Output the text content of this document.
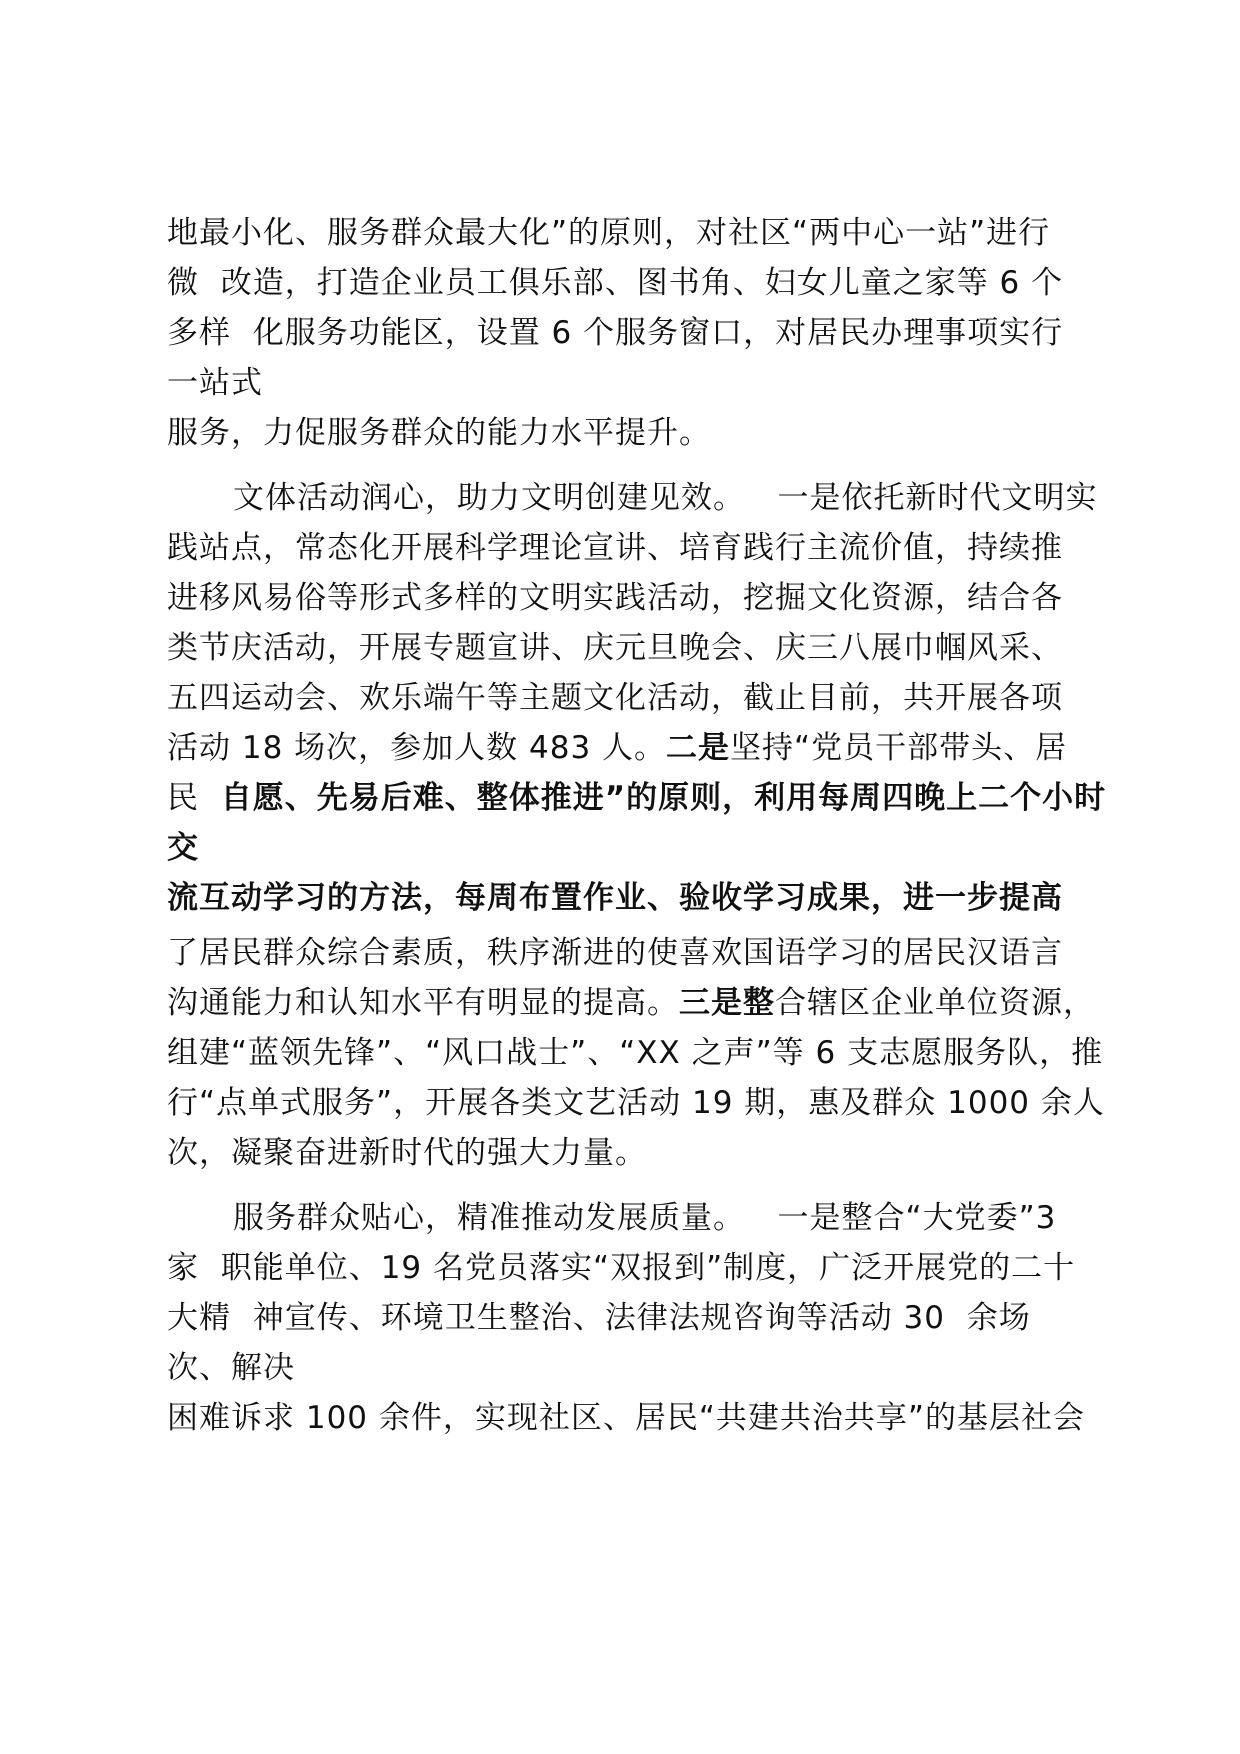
地最小化、服务群众最大化”的原则，对社区“两中心一站”进行
微  改造，打造企业员工俱乐部、图书角、妇女儿童之家等 6 个
多样  化服务功能区，设置 6 个服务窗口，对居民办理事项实行
一站式
服务，力促服务群众的能力水平提升。
文体活动润心，助力文明创建见效。   一是依托新时代文明实
践站点，常态化开展科学理论宣讲、培育践行主流价值，持续推
进移风易俗等形式多样的文明实践活动，挖掘文化资源，结合各
类节庆活动，开展专题宣讲、庆元旦晚会、庆三八展巾帼风采、
五四运动会、欢乐端午等主题文化活动，截止目前，共开展各项
活动 18 场次，参加人数 483 人。二是坚持“党员干部带头、居
民  自愿、先易后难、整体推进”的原则，利用每周四晚上二个小时
交
流互动学习的方法，每周布置作业、验收学习成果，进一步提高
了居民群众综合素质，秩序渐进的使喜欢国语学习的居民汉语言
沟通能力和认知水平有明显的提高。三是整合辖区企业单位资源，
组建“蓝领先锋”、“风口战士”、“XX 之声”等 6 支志愿服务队，推
行“点单式服务”，开展各类文艺活动 19 期，惠及群众 1000 余人
次，凝聚奋进新时代的强大力量。
服务群众贴心，精准推动发展质量。   一是整合“大党委”3
家  职能单位、19 名党员落实“双报到”制度，广泛开展党的二十
大精  神宣传、环境卫生整治、法律法规咨询等活动 30  余场
次、解决
困难诉求 100 余件，实现社区、居民“共建共治共享”的基层社会
